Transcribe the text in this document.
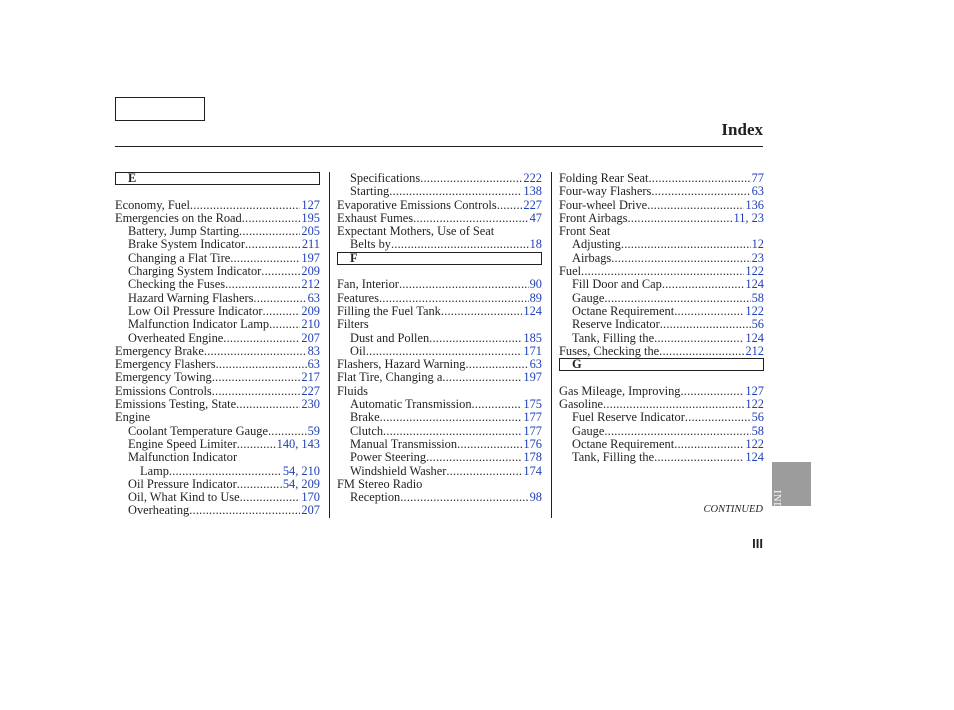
Index
E
Economy, Fuel .....	127
Emergencies on the Road .....	195
Battery, Jump Starting .....	205
Brake System Indicator .....	211
Changing a Flat Tire .....	197
Charging System Indicator .....	209
Checking the Fuses .....	212
Hazard Warning Flashers .....	63
Low Oil Pressure Indicator .....	209
Malfunction Indicator Lamp .....	210
Overheated Engine .....	207
Emergency Brake .....	83
Emergency Flashers .....	63
Emergency Towing .....	217
Emissions Controls .....	227
Emissions Testing, State .....	230
Engine
Coolant Temperature Gauge .....	59
Engine Speed Limiter .....	140, 143
Malfunction Indicator
Lamp .....	54, 210
Oil Pressure Indicator .....	54, 209
Oil, What Kind to Use .....	170
Overheating .....	207
Specifications .....	222
Starting .....	138
Evaporative Emissions Controls ..... 227
Exhaust Fumes .....	47
Expectant Mothers, Use of Seat
Belts by .....	18
F
Fan, Interior .....	90
Features .....	89
Filling the Fuel Tank .....	124
Filters
Dust and Pollen .....	185
Oil .....	171
Flashers, Hazard Warning .....	63
Flat Tire, Changing a .....	197
Fluids
Automatic Transmission .....	175
Brake .....	177
Clutch .....	177
Manual Transmission .....	176
Power Steering .....	178
Windshield Washer .....	174
FM Stereo Radio
Reception .....	98
Folding Rear Seat .....	77
Four-way Flashers .....	63
Four-wheel Drive .....	136
Front Airbags .....	11, 23
Front Seat
Adjusting .....	12
Airbags .....	23
Fuel .....	122
Fill Door and Cap .....	124
Gauge .....	58
Octane Requirement .....	122
Reserve Indicator .....	56
Tank, Filling the .....	124
Fuses, Checking the .....	212
G
Gas Mileage, Improving .....	127
Gasoline .....	122
Fuel Reserve Indicator .....	56
Gauge .....	58
Octane Requirement .....	122
Tank, Filling the .....	124
INDEX
CONTINUED
III
